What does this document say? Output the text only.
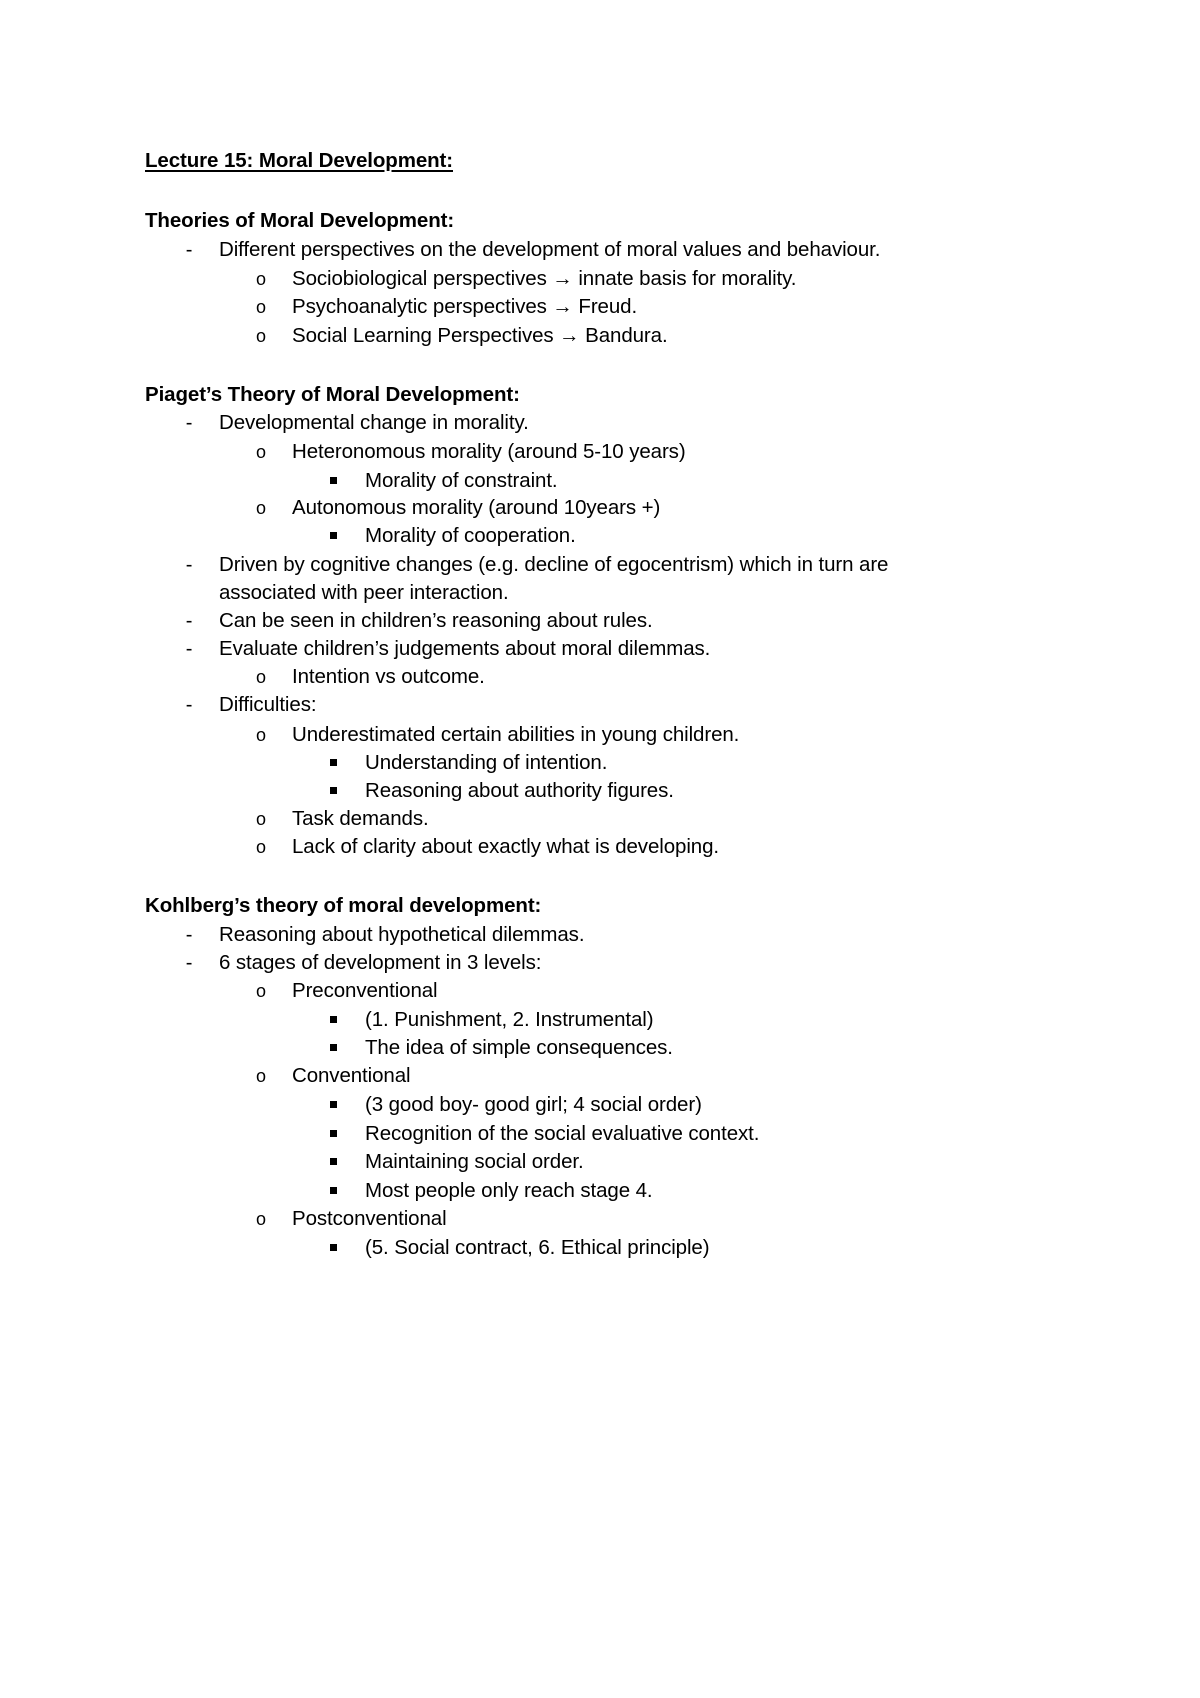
Lecture 15: Moral Development:
Theories of Moral Development:
- Different perspectives on the development of moral values and behaviour.
o Sociobiological perspectives → innate basis for morality.
o Psychoanalytic perspectives → Freud.
o Social Learning Perspectives → Bandura.
Piaget’s Theory of Moral Development:
- Developmental change in morality.
o Heteronomous morality (around 5-10 years)
Morality of constraint.
o Autonomous morality (around 10years +)
Morality of cooperation.
- Driven by cognitive changes (e.g. decline of egocentrism) which in turn are
associated with peer interaction.
- Can be seen in children’s reasoning about rules.
- Evaluate children’s judgements about moral dilemmas.
o Intention vs outcome.
- Difficulties:
o Underestimated certain abilities in young children.
Understanding of intention.
Reasoning about authority figures.
o Task demands.
o Lack of clarity about exactly what is developing.
Kohlberg’s theory of moral development:
- Reasoning about hypothetical dilemmas.
- 6 stages of development in 3 levels:
o Preconventional
(1. Punishment, 2. Instrumental)
The idea of simple consequences.
o Conventional
(3 good boy- good girl; 4 social order)
Recognition of the social evaluative context.
Maintaining social order.
Most people only reach stage 4.
o Postconventional
(5. Social contract, 6. Ethical principle)
